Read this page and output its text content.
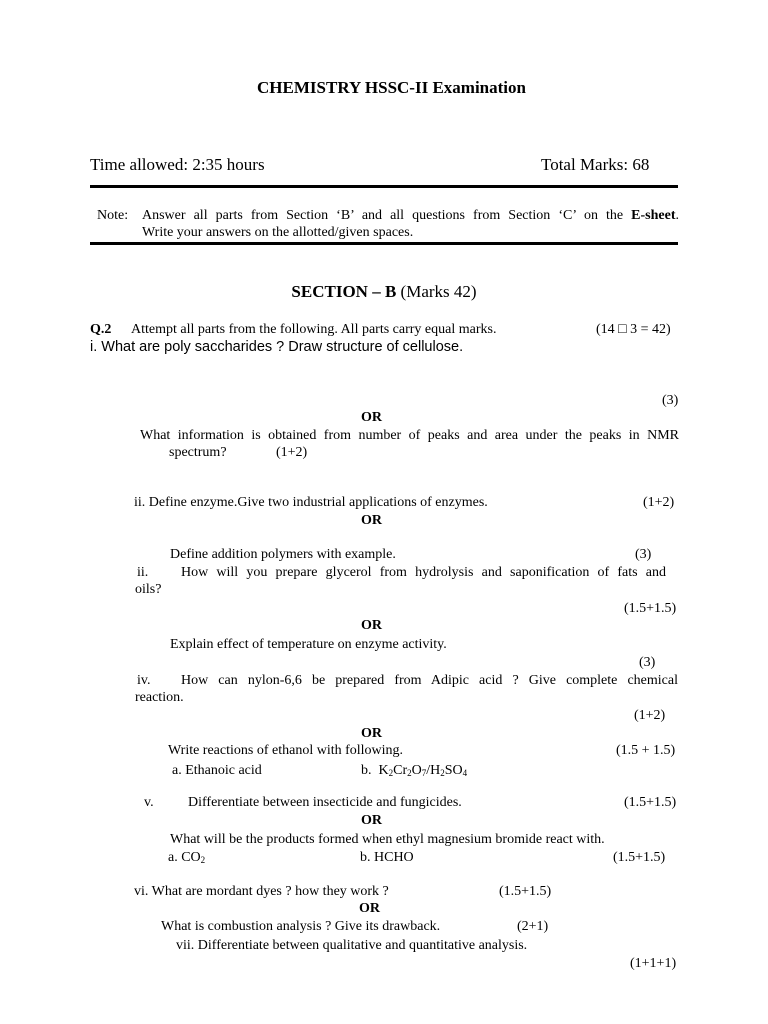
CHEMISTRY HSSC-II Examination
Time allowed: 2:35 hours	Total Marks: 68
Note: Answer all parts from Section ‘B’ and all questions from Section ‘C’ on the E-sheet.
Write your answers on the allotted/given spaces.
SECTION – B (Marks 42)
Q.2 Attempt all parts from the following. All parts carry equal marks.	(14 □ 3 = 42)
i. What are poly saccharides ? Draw structure of cellulose.
(3)
OR
What information is obtained from number of peaks and area under the peaks in NMR
spectrum?	(1+2)
ii. Define enzyme.Give two industrial applications of enzymes.	(1+2)
OR
Define addition polymers with example.	(3)
ii. How will you prepare glycerol from hydrolysis and saponification of fats and
oils?
(1.5+1.5)
OR
Explain effect of temperature on enzyme activity.
(3)
iv. How can nylon-6,6 be prepared from Adipic acid ? Give complete chemical
reaction.
(1+2)
OR
Write reactions of ethanol with following.	(1.5 + 1.5)
a. Ethanoic acid	b. $K_2Cr_2O_7/H_2SO_4$
v. Differentiate between insecticide and fungicides.	(1.5+1.5)
OR
What will be the products formed when ethyl magnesium bromide react with.
a. $CO_2$	b. HCHO	(1.5+1.5)
vi. What are mordant dyes ? how they work ?	(1.5+1.5)
OR
What is combustion analysis ? Give its drawback.	(2+1)
vii. Differentiate between qualitative and quantitative analysis.
(1+1+1)
